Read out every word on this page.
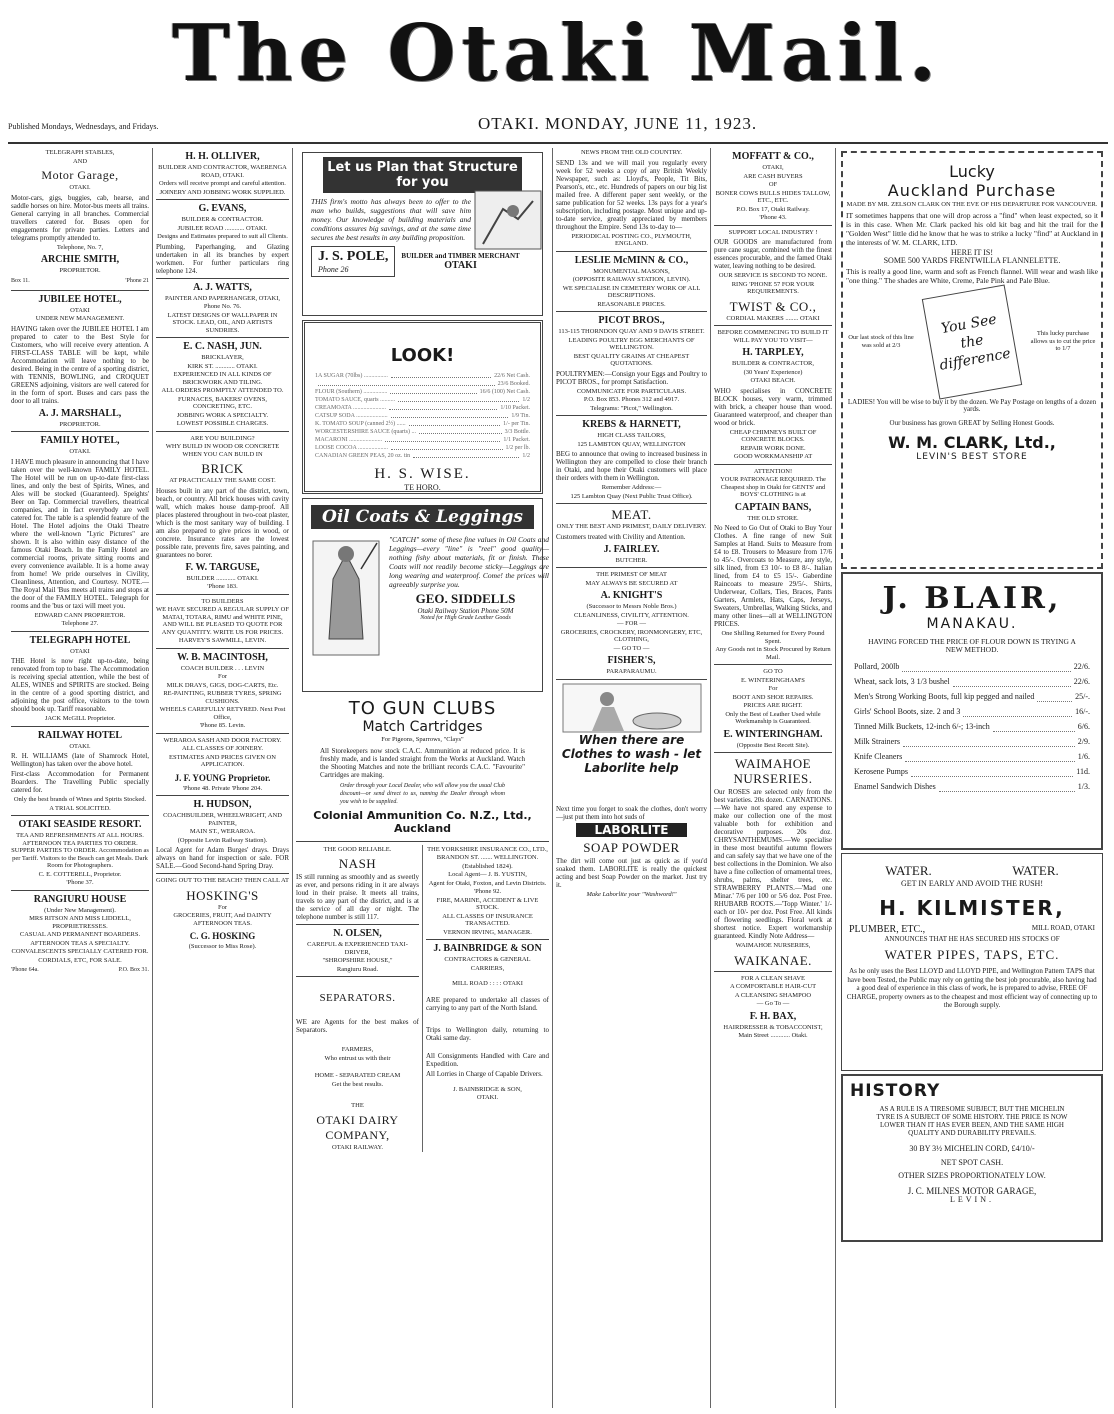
The Otaki Mail.
Published Mondays, Wednesdays, and Fridays.	OTAKI. MONDAY, JUNE 11, 1923.
TELEGRAPH STABLES,
AND
Motor Garage,
OTAKI.
Motor-cars, gigs, buggies, cab, hearse, and saddle horses on hire. Motor-bus meets all trains. General carrying in all branches. Commercial travellers catered for. Buses open for engagements for private parties. Letters and telegrams promptly attended to.
Telephone, No. 7,
ARCHIE SMITH,
PROPRIETOR.
Box 11.	'Phone 21
JUBILEE HOTEL,
OTAKI
UNDER NEW MANAGEMENT.
HAVING taken over the JUBILEE HOTEL I am prepared to cater to the Best Style for Customers, who will receive every attention. A FIRST-CLASS TABLE will be kept, while Accommodation will leave nothing to be desired. Being in the centre of a sporting district, with TENNIS, BOWLING, and CROQUET GREENS adjoining, visitors are well catered for in the form of sport. Buses and cars pass the door to all trains.
A. J. MARSHALL,
PROPRIETOR.
FAMILY HOTEL,
OTAKI.
I HAVE much pleasure in announcing that I have taken over the well-known FAMILY HOTEL. The Hotel will be run on up-to-date first-class lines, and only the best of Spirits, Wines, and Ales will be stocked (Guaranteed). Speights' Beer on Tap. Commercial travellers, theatrical companies, and in fact everybody are well catered for. The table is a splendid feature of the Hotel. The Hotel adjoins the Otaki Theatre where the well-known "Lyric Pictures" are shown. It is also within easy distance of the famous Otaki Beach. In the Family Hotel are commercial rooms, private sitting rooms and every convenience available. It is a home away from home! We pride ourselves in Civility, Cleanliness, Attention, and Courtesy. NOTE.—The Royal Mail 'Bus meets all trains and stops at the door of the FAMILY HOTEL. Telegraph for rooms and the 'bus or taxi will meet you.
EDWARD CANN PROPRIETOR.
Telephone 27.
TELEGRAPH HOTEL
OTAKI
THE Hotel is now right up-to-date, being renovated from top to base. The Accommodation is receiving special attention, while the best of ALES, WINES and SPIRITS are stocked. Being in the centre of a good sporting district, and adjoining the post office, visitors to the town should book up. Tariff reasonable.
JACK McGILL Proprietor.
RAILWAY HOTEL
OTAKI.
R. H. WILLIAMS (late of Shamrock Hotel, Wellington) has taken over the above hotel.
First-class Accommodation for Permanent Boarders. The Travelling Public specially catered for.
Only the best brands of Wines and Spirits Stocked.
A TRIAL SOLICITED.
OTAKI SEASIDE RESORT.
TEA AND REFRESHMENTS AT ALL HOURS. AFTERNOON TEA PARTIES TO ORDER. SUPPER PARTIES TO ORDER. Accommodation as per Tariff. Visitors to the Beach can get Meals. Dark Room for Photographers.
C. E. COTTERELL, Proprietor.
'Phone 37.
RANGIURU HOUSE
(Under New Management).
MRS RITSON AND MISS LIDDELL, PROPRIETRESSES.
CASUAL AND PERMANENT BOARDERS.
AFTERNOON TEAS A SPECIALTY.
CONVALESCENTS SPECIALLY CATERED FOR.
CORDIALS, ETC, FOR SALE.
'Phone 64a.	P.O. Box 31.
H. H. OLLIVER,
BUILDER AND CONTRACTOR, WAERENGA ROAD, OTAKI.
Orders will receive prompt and careful attention.
JOINERY AND JOBBING WORK SUPPLIED.
G. EVANS,
BUILDER & CONTRACTOR.
JUBILEE ROAD ............ OTAKI.
Designs and Estimates prepared to suit all Clients.
Plumbing, Paperhanging, and Glazing undertaken in all its branches by expert workmen. For further particulars ring telephone 124.
A. J. WATTS,
PAINTER AND PAPERHANGER, OTAKI,
Phone No. 76.
LATEST DESIGNS OF WALLPAPER IN STOCK. LEAD, OIL, AND ARTISTS SUNDRIES.
E. C. NASH, JUN.
BRICKLAYER,
KIRK ST. ............ OTAKI.
EXPERIENCED IN ALL KINDS OF BRICKWORK AND TILING.
ALL ORDERS PROMPTLY ATTENDED TO.
FURNACES, BAKERS' OVENS, CONCRETING, ETC.
JOBBING WORK A SPECIALTY.
LOWEST POSSIBLE CHARGES.
ARE YOU BUILDING?
WHY BUILD IN WOOD OR CONCRETE WHEN YOU CAN BUILD IN
BRICK
AT PRACTICALLY THE SAME COST.
Houses built in any part of the district, town, beach, or country. All brick houses with cavity wall, which makes house damp-proof. All places plastered throughout in two-coat plaster, which is the most sanitary way of building. I am also prepared to give prices in wood, or concrete. Insurance rates are the lowest possible rate, prevents fire, saves painting, and guarantees no borer.
F. W. TARGUSE,
BUILDER ............ OTAKI.
'Phone 183.
TO BUILDERS
WE HAVE SECURED A REGULAR SUPPLY OF MATAI, TOTARA, RIMU and WHITE PINE, AND WILL BE PLEASED TO QUOTE FOR ANY QUANTITY. WRITE US FOR PRICES.
HARVEY'S SAWMILL, LEVIN.
W. B. MACINTOSH,
COACH BUILDER . . . LEVIN
For
MILK DRAYS, GIGS, DOG-CARTS, Etc.
RE-PAINTING, RUBBER TYRES, SPRING CUSHIONS.
WHEELS CAREFULLY RETYRED. Next Post Office,
'Phone 85. Levin.
WERAROA SASH AND DOOR FACTORY.
ALL CLASSES OF JOINERY.
ESTIMATES AND PRICES GIVEN ON APPLICATION.
J. F. YOUNG Proprietor.
'Phone 48. Private 'Phone 204.
H. HUDSON,
COACHBUILDER, WHEELWRIGHT, AND PAINTER,
MAIN ST., WERAROA.
(Opposite Levin Railway Station).
Local Agent for Adam Burges' drays. Drays always on hand for inspection or sale. FOR SALE.—Good Second-hand Spring Dray.
GOING OUT TO THE BEACH? THEN CALL AT
HOSKING'S
For
GROCERIES, FRUIT, And DAINTY AFTERNOON TEAS.
C. G. HOSKING
(Successor to Miss Rose).
Let us Plan that Structure for you
THIS firm's motto has always been to offer to the man who builds, suggestions that will save him money. Our knowledge of building materials and conditions assures big savings, and at the same time secures the best results in any building proposition.
J. S. POLE,
Phone 26
BUILDER and TIMBER MERCHANT
OTAKI
LOOK!
1A SUGAR (70lbs) ................	22/6 Net Cash.
23/6 Booked.
FLOUR (Southern) ................	16/6 (100) Net Cash.
TOMATO SAUCE, quarts ..........	1/2
CREAMOATA ......................	1/10 Packet.
CATSUP SODA .....................	1/9 Tin.
K. TOMATO SOUP (canned 2½) ......	1/- per Tin.
WORCESTERSHIRE SAUCE (quarts) ...	3/3 Bottle.
MACARONI ......................	1/1 Packet.
LOOSE COCOA ....................	1/2 per lb.
CANADIAN GREEN PEAS, 20 oz. tin	1/2
H. S. WISE.
TE HORO.
Oil Coats & Leggings
"CATCH" some of these fine values in Oil Coats and Leggings—every "line" is "reel" good quality—nothing fishy about materials, fit or finish. These Coats will not readily become sticky—Leggings are long wearing and waterproof. Come! the prices will agreeably surprise you.
GEO. SIDDELLS
Otaki Railway Station Phone 50M
Noted for High Grade Leather Goods
TO GUN CLUBS
Match Cartridges
For Pigeons, Sparrows, "Clays"
All Storekeepers now stock C.A.C. Ammunition at reduced price. It is freshly made, and is landed straight from the Works at Auckland. Watch the Shooting Matches and note the brilliant records C.A.C. "Favourite" Cartridges are making.
Order through your Local Dealer, who will allow you the usual Club discount—or send direct to us, naming the Dealer through whom you wish to be supplied.
Colonial Ammunition Co. N.Z., Ltd., Auckland
THE GOOD RELIABLE.
NASH
IS still running as smoothly and as sweetly as ever, and persons riding in it are always loud in their praise. It meets all trains, travels to any part of the district, and is at the service of all day or night. The telephone number is still 117.
N. OLSEN,
CAREFUL & EXPERIENCED TAXI-DRIVER,
"SHROPSHIRE HOUSE,"
Rangiuru Road.
SEPARATORS.
WE are Agents for the best makes of Separators.
FARMERS,
Who entrust us with their
HOME - SEPARATED CREAM
Get the best results.
THE
OTAKI DAIRY COMPANY,
OTAKI RAILWAY.
THE YORKSHIRE INSURANCE CO., LTD.,
BRANDON ST. ....... WELLINGTON.
(Established 1824).
Local Agent— J. B. YUSTIN,
Agent for Otaki, Foxton, and Levin Districts.
'Phone 92.
FIRE, MARINE, ACCIDENT & LIVE STOCK.
ALL CLASSES OF INSURANCE TRANSACTED.
VERNON IRVING, MANAGER.
J. BAINBRIDGE & SON
CONTRACTORS & GENERAL
CARRIERS,
MILL ROAD : : : : OTAKI
ARE prepared to undertake all classes of carrying to any part of the North Island.
Trips to Wellington daily, returning to Otaki same day.
All Consignments Handled with Care and Expedition.
All Lorries in Charge of Capable Drivers.
J. BAINBRIDGE & SON,
OTAKI.
NEWS FROM THE OLD COUNTRY.
SEND 13s and we will mail you regularly every week for 52 weeks a copy of any British Weekly Newspaper, such as: Lloyd's, People, Tit Bits, Pearson's, etc., etc. Hundreds of papers on our big list mailed free. A different paper sent weekly, or the same publication for 52 weeks. 13s pays for a year's subscription, including postage. Most unique and up-to-date service, greatly appreciated by members throughout the Empire. Send 13s to-day to—
PERIODICAL POSTING CO., PLYMOUTH, ENGLAND.
LESLIE McMINN & CO.,
MONUMENTAL MASONS,
(OPPOSITE RAILWAY STATION, LEVIN).
WE SPECIALISE IN CEMETERY WORK OF ALL DESCRIPTIONS.
REASONABLE PRICES.
PICOT BROS.,
113-115 THORNDON QUAY AND 9 DAVIS STREET.
LEADING POULTRY EGG MERCHANTS OF WELLINGTON.
BEST QUALITY GRAINS AT CHEAPEST QUOTATIONS.
POULTRYMEN:—Consign your Eggs and Poultry to PICOT BROS., for prompt Satisfaction.
COMMUNICATE FOR PARTICULARS.
P.O. Box 853. Phones 312 and 4917.
Telegrams: "Picot," Wellington.
KREBS & HARNETT,
HIGH CLASS TAILORS,
125 LAMBTON QUAY, WELLINGTON
BEG to announce that owing to increased business in Wellington they are compelled to close their branch in Otaki, and hope their Otaki customers will place their orders with them in Wellington.
Remember Address:—
125 Lambton Quay (Next Public Trust Office).
MEAT.
ONLY THE BEST AND PRIMEST, DAILY DELIVERY.
Customers treated with Civility and Attention.
J. FAIRLEY.
BUTCHER.
THE PRIMEST OF MEAT
MAY ALWAYS BE SECURED AT
A. KNIGHT'S
(Successor to Messrs Noble Bros.)
CLEANLINESS, CIVILITY, ATTENTION.
— FOR —
GROCERIES, CROCKERY, IRONMONGERY, ETC, CLOTHING,
— GO TO —
FISHER'S,
PARAPARAUMU.
When there are Clothes to wash - let Laborlite help
Next time you forget to soak the clothes, don't worry—just put them into hot suds of
LABORLITE
SOAP POWDER
The dirt will come out just as quick as if you'd soaked them. LABORLITE is really the quickest acting and best Soap Powder on the market. Just try it.
Make Laborlite your "Washword!"
MOFFATT & CO.,
OTAKI,
ARE CASH BUYERS
OF
BONER COWS BULLS HIDES TALLOW, ETC., ETC.
P.O. Box 17, Otaki Railway.
'Phone 43.
SUPPORT LOCAL INDUSTRY !
OUR GOODS are manufactured from pure cane sugar, combined with the finest essences procurable, and the famed Otaki water, leaving nothing to be desired.
OUR SERVICE IS SECOND TO NONE.
RING 'PHONE 57 FOR YOUR REQUIREMENTS.
TWIST & CO.,
CORDIAL MAKERS ........ OTAKI
BEFORE COMMENCING TO BUILD IT WILL PAY YOU TO VISIT—
H. TARPLEY,
BUILDER & CONTRACTOR,
(30 Years' Experience)
OTAKI BEACH.
WHO specialises in CONCRETE BLOCK houses, very warm, trimmed with brick, a cheaper house than wood. Guaranteed waterproof, and cheaper than wood or brick.
CHEAP CHIMNEYS BUILT OF CONCRETE BLOCKS.
REPAIR WORK DONE.
GOOD WORKMANSHIP AT
ATTENTION!
YOUR PATRONAGE REQUIRED. The Cheapest shop in Otaki for GENTS' and BOYS' CLOTHING is at
CAPTAIN BANS,
THE OLD STORE.
No Need to Go Out of Otaki to Buy Your Clothes. A fine range of new Suit Samples at Hand. Suits to Measure from £4 to £8. Trousers to Measure from 17/6 to 45/-. Overcoats to Measure, any style, silk lined, from £3 10/- to £8 8/-. Italian lined, from £4 to £5 15/-. Gaberdine Raincoats to measure 29/5/-. Shirts, Underwear, Collars, Ties, Braces, Pants Garters, Armlets, Hats, Caps, Jerseys, Sweaters, Umbrellas, Walking Sticks, and many other lines—all at WELLINGTON PRICES.
One Shilling Returned for Every Pound Spent.
Any Goods not in Stock Procured by Return Mail.
GO TO
E. WINTERINGHAM'S
For
BOOT AND SHOE REPAIRS.
PRICES ARE RIGHT.
Only the Best of Leather Used while Workmanship is Guaranteed.
E. WINTERINGHAM.
(Opposite Best Recett Site).
WAIMAHOE NURSERIES.
Our ROSES are selected only from the best varieties. 20s dozen. CARNATIONS.—We have not spared any expense to make our collection one of the most valuable both for exhibition and decorative purposes. 20s doz. CHRYSANTHEMUMS.—We specialise in these most beautiful autumn flowers and can safely say that we have one of the best collections in the Dominion. We also have a fine collection of ornamental trees, shrubs, palms, shelter trees, etc. STRAWBERRY PLANTS.—'Mad one Minar.' 7/6 per 100 or 5/6 doz. Post Free. RHUBARB ROOTS.—'Topp Winter.' 1/- each or 10/- per doz. Post Free. All kinds of flowering seedlings. Floral work at shortest notice. Expert workmanship guaranteed. Kindly Note Address—
WAIMAHOE NURSERIES,
WAIKANAE.
FOR A CLEAN SHAVE
A COMFORTABLE HAIR-CUT
A CLEANSING SHAMPOO
— Go To —
F. H. BAX,
HAIRDRESSER & TOBACCONIST,
Main Street ............ Otaki.
Lucky
Auckland Purchase
MADE BY MR. ZELSON CLARK ON THE EVE OF HIS DEPARTURE FOR VANCOUVER.
IT sometimes happens that one will drop across a "find" when least expected, so it is in this case. When Mr. Clark packed his old kit bag and hit the trail for the "Golden West" little did he know that he was to strike a lucky "find" at Auckland in the interests of W. M. CLARK, LTD.
HERE IT IS!
SOME 500 YARDS FRENTWILLA FLANNELETTE.
This is really a good line, warm and soft as French flannel. Will wear and wash like "one thing." The shades are White, Creme, Pale Pink and Pale Blue.
Our last stock of this line was sold at 2/3
You See the difference
This lucky purchase allows us to cut the price to 1/7
LADIES! You will be wise to buy it by the dozen. We Pay Postage on lengths of a dozen yards.
Our business has grown GREAT by Selling Honest Goods.
W. M. CLARK, Ltd.,
LEVIN'S BEST STORE
J. BLAIR,
MANAKAU.
HAVING FORCED THE PRICE OF FLOUR DOWN IS TRYING A NEW METHOD.
Pollard, 200lb	22/6.
Wheat, sack lots, 3 1/3 bushel	22/6.
Men's Strong Working Boots, full kip pegged and nailed	25/-.
Girls' School Boots, size. 2 and 3	16/-.
Tinned Milk Buckets, 12-inch 6/-; 13-inch	6/6.
Milk Strainers	2/9.
Knife Cleaners	1/6.
Kerosene Pumps	11d.
Enamel Sandwich Dishes	1/3.
WATER.	WATER.
GET IN EARLY AND AVOID THE RUSH!
H. KILMISTER,
PLUMBER, ETC.,	MILL ROAD, OTAKI
ANNOUNCES THAT HE HAS SECURED HIS STOCKS OF
WATER PIPES, TAPS, ETC.
As he only uses the Best LLOYD and LLOYD PIPE, and Wellington Pattern TAPS that have been Tested, the Public may rely on getting the best job procurable, also having had a good deal of experience in this class of work, he is prepared to advise, FREE OF CHARGE, property owners as to the cheapest and most efficient way of connecting up to the Borough supply.
HISTORY
AS A RULE IS A TIRESOME SUBJECT, BUT THE MICHELIN TYRE IS A SUBJECT OF SOME HISTORY. THE PRICE IS NOW LOWER THAN IT HAS EVER BEEN, AND THE SAME HIGH QUALITY AND DURABILITY PREVAILS.
30 BY 3½ MICHELIN CORD, £4/10/-
NET SPOT CASH.
OTHER SIZES PROPORTIONATELY LOW.
J. C. MILNES MOTOR GARAGE,
LEVIN.
